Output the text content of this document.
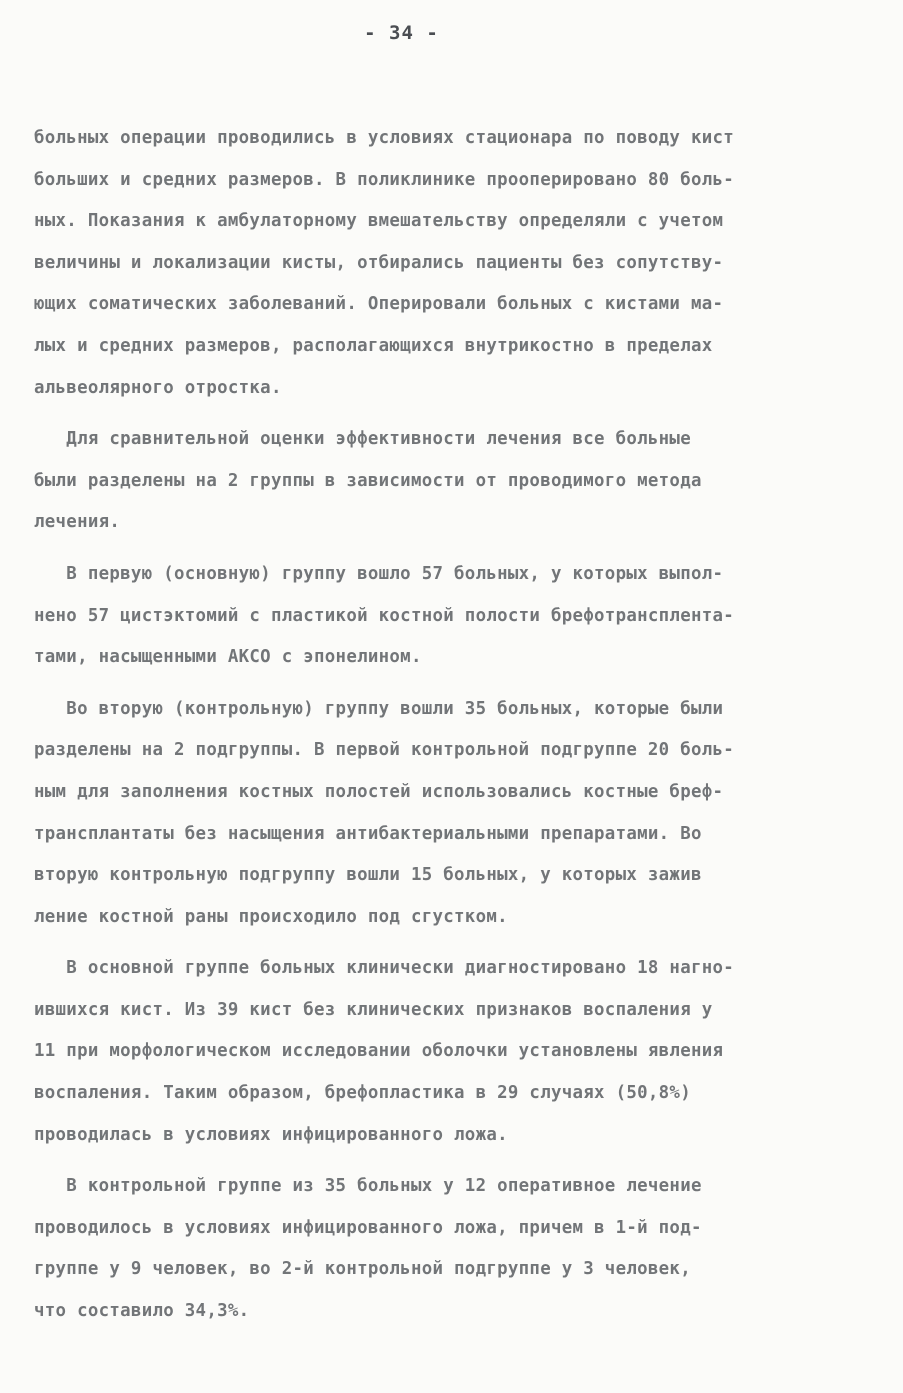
- 34 -
больных операции проводились в условиях стационара по поводу кист
больших и средних размеров. В поликлинике прооперировано 80 боль-
ных. Показания к амбулаторному вмешательству определяли с учетом
величины и локализации кисты, отбирались пациенты без сопутству-
ющих соматических заболеваний. Оперировали больных с кистами ма-
лых и средних размеров, располагающихся внутрикостно в пределах
альвеолярного отростка.
Для сравнительной оценки эффективности лечения все больные
были разделены на 2 группы в зависимости от проводимого метода
лечения.
В первую (основную) группу вошло 57 больных, у которых выпол-
нено 57 цистэктомий с пластикой костной полости брефотрансплента-
тами, насыщенными АКСО с эпонелином.
Во вторую (контрольную) группу вошли 35 больных, которые были
разделены на 2 подгруппы. В первой контрольной подгруппе 20 боль-
ным для заполнения костных полостей использовались костные бреф-
трансплантаты без насыщения антибактериальными препаратами. Во
вторую контрольную подгруппу вошли 15 больных, у которых зажив
ление костной раны происходило под сгустком.
В основной группе больных клинически диагностировано 18 нагно-
ившихся кист. Из 39 кист без клинических признаков воспаления у
11 при морфологическом исследовании оболочки установлены явления
воспаления. Таким образом, брефопластика в 29 случаях (50,8%)
проводилась в условиях инфицированного ложа.
В контрольной группе из 35 больных у 12 оперативное лечение
проводилось в условиях инфицированного ложа, причем в 1-й под-
группе у 9 человек, во 2-й контрольной подгруппе у 3 человек,
что составило 34,3%.
